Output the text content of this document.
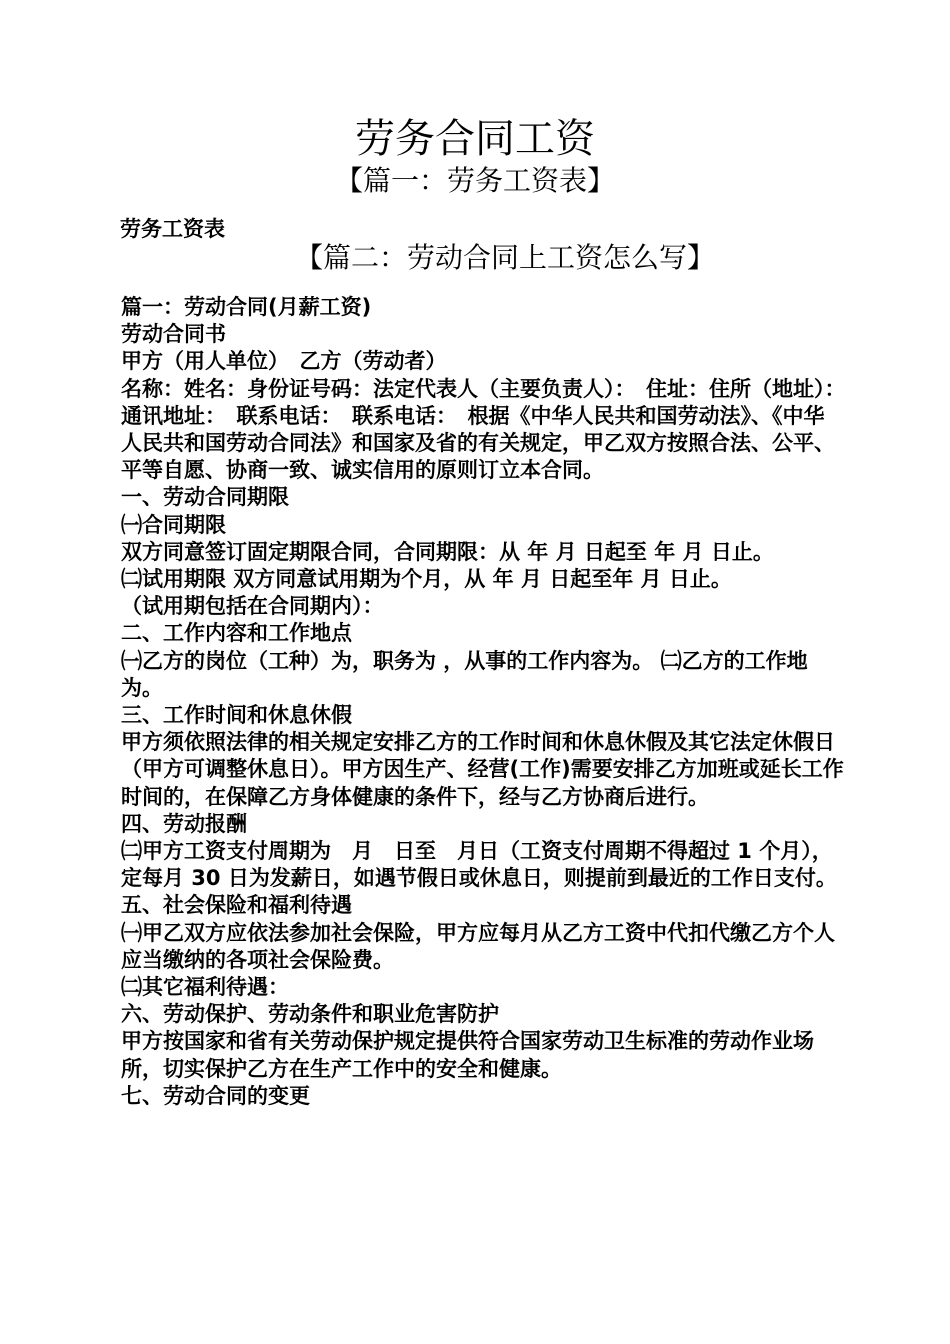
劳务合同工资
【篇一：劳务工资表】
劳务工资表
【篇二：劳动合同上工资怎么写】

篇一：劳动合同(月薪工资)

劳动合同书

甲方（用人单位）　乙方（劳动者）

名称：姓名：身份证号码：法定代表人（主要负责人）：　住址：住所（地址）：　通讯地址：　联系电话：　联系电话：　根据《中华人民共和国劳动法》、《中华人民共和国劳动合同法》和国家及省的有关规定，甲乙双方按照合法、公平、平等自愿、协商一致、诚实信用的原则订立本合同。

一、劳动合同期限

㈠合同期限

双方同意签订固定期限合同，合同期限：从 年 月 日起至 年 月 日止。

㈡试用期限 双方同意试用期为个月，从 年 月 日起至年 月 日止。

（试用期包括在合同期内）：

二、工作内容和工作地点

㈠乙方的岗位（工种）为，职务为 ，从事的工作内容为。 ㈡乙方的工作地为。

三、工作时间和休息休假

甲方须依照法律的相关规定安排乙方的工作时间和休息休假及其它法定休假日（甲方可调整休息日）。甲方因生产、经营(工作)需要安排乙方加班或延长工作时间的，在保障乙方身体健康的条件下，经与乙方协商后进行。

四、劳动报酬

㈡甲方工资支付周期为　月　日至　月日（工资支付周期不得超过 1 个月），定每月 30 日为发薪日，如遇节假日或休息日，则提前到最近的工作日支付。

五、社会保险和福利待遇

㈠甲乙双方应依法参加社会保险，甲方应每月从乙方工资中代扣代缴乙方个人应当缴纳的各项社会保险费。

㈡其它福利待遇：

六、劳动保护、劳动条件和职业危害防护

甲方按国家和省有关劳动保护规定提供符合国家劳动卫生标准的劳动作业场所，切实保护乙方在生产工作中的安全和健康。

七、劳动合同的变更
